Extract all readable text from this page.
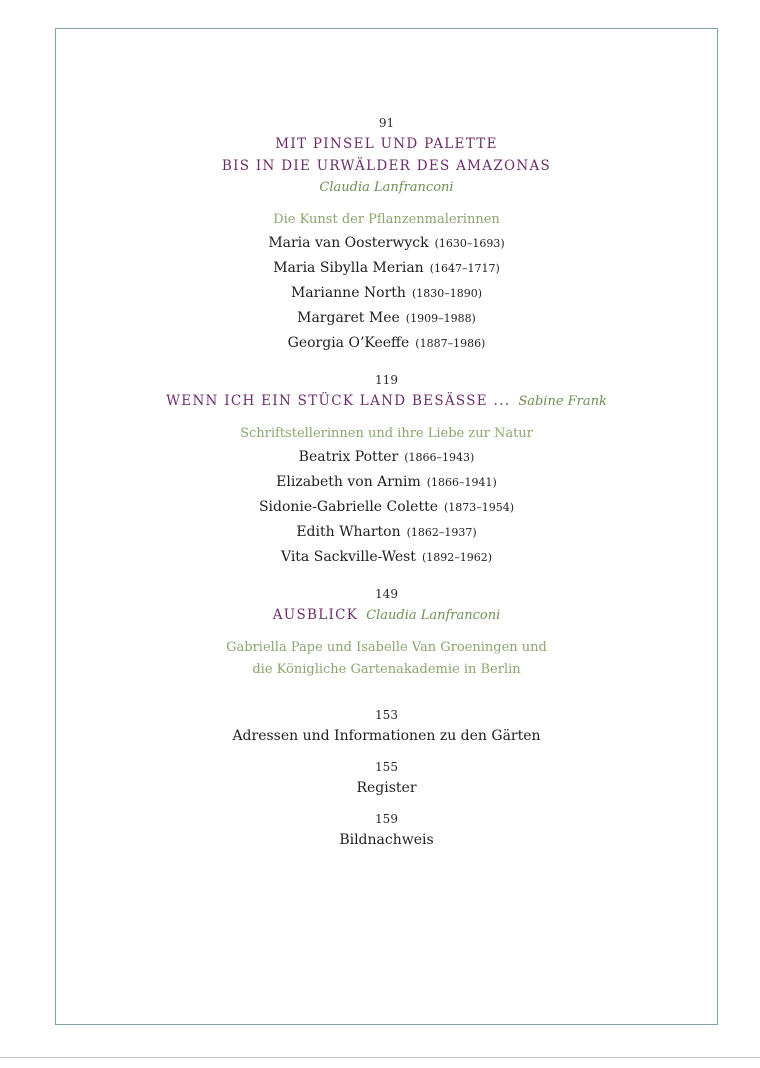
91
MIT PINSEL UND PALETTE
BIS IN DIE URWÄLDER DES AMAZONAS
Claudia Lanfranconi
Die Kunst der Pflanzenmalerinnen
Maria van Oosterwyck (1630–1693)
Maria Sibylla Merian (1647–1717)
Marianne North (1830–1890)
Margaret Mee (1909–1988)
Georgia O’Keeffe (1887–1986)
119
WENN ICH EIN STÜCK LAND BESÄSSE ... Sabine Frank
Schriftstellerinnen und ihre Liebe zur Natur
Beatrix Potter (1866–1943)
Elizabeth von Arnim (1866–1941)
Sidonie-Gabrielle Colette (1873–1954)
Edith Wharton (1862–1937)
Vita Sackville-West (1892–1962)
149
AUSBLICK Claudia Lanfranconi
Gabriella Pape und Isabelle Van Groeningen und
die Königliche Gartenakademie in Berlin
153
Adressen und Informationen zu den Gärten
155
Register
159
Bildnachweis
